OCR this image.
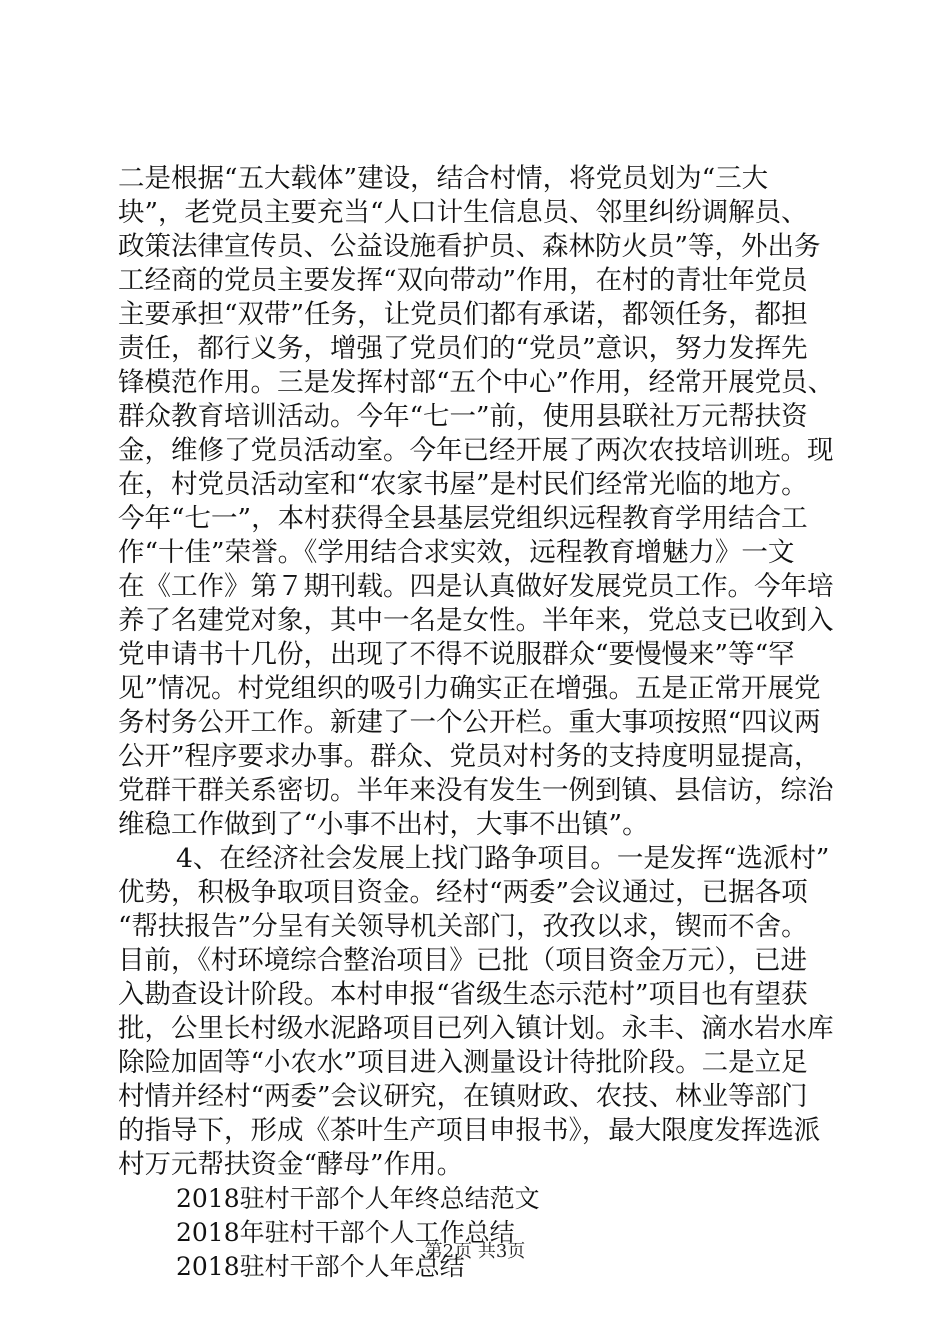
二是根据“五大载体”建设，结合村情，将党员划为“三大
块”，老党员主要充当“人口计生信息员、邻里纠纷调解员、
政策法律宣传员、公益设施看护员、森林防火员”等，外出务
工经商的党员主要发挥“双向带动”作用，在村的青壮年党员
主要承担“双带”任务，让党员们都有承诺，都领任务，都担
责任，都行义务，增强了党员们的“党员”意识，努力发挥先
锋模范作用。三是发挥村部“五个中心”作用，经常开展党员、
群众教育培训活动。今年“七一”前，使用县联社万元帮扶资
金，维修了党员活动室。今年已经开展了两次农技培训班。现
在，村党员活动室和“农家书屋”是村民们经常光临的地方。
今年“七一”，本村获得全县基层党组织远程教育学用结合工
作“十佳”荣誉。《学用结合求实效，远程教育增魅力》一文
在《工作》第７期刊载。四是认真做好发展党员工作。今年培
养了名建党对象，其中一名是女性。半年来，党总支已收到入
党申请书十几份，出现了不得不说服群众“要慢慢来”等“罕
见”情况。村党组织的吸引力确实正在增强。五是正常开展党
务村务公开工作。新建了一个公开栏。重大事项按照“四议两
公开”程序要求办事。群众、党员对村务的支持度明显提高，
党群干群关系密切。半年来没有发生一例到镇、县信访，综治
维稳工作做到了“小事不出村，大事不出镇”。
4、在经济社会发展上找门路争项目。一是发挥“选派村”
优势，积极争取项目资金。经村“两委”会议通过，已据各项
“帮扶报告”分呈有关领导机关部门，孜孜以求，锲而不舍。
目前，《村环境综合整治项目》已批（项目资金万元），已进
入勘查设计阶段。本村申报“省级生态示范村”项目也有望获
批，公里长村级水泥路项目已列入镇计划。永丰、滴水岩水库
除险加固等“小农水”项目进入测量设计待批阶段。二是立足
村情并经村“两委”会议研究，在镇财政、农技、林业等部门
的指导下，形成《茶叶生产项目申报书》，最大限度发挥选派
村万元帮扶资金“酵母”作用。
2018驻村干部个人年终总结范文
2018年驻村干部个人工作总结
2018驻村干部个人年总结
第2页 共3页
